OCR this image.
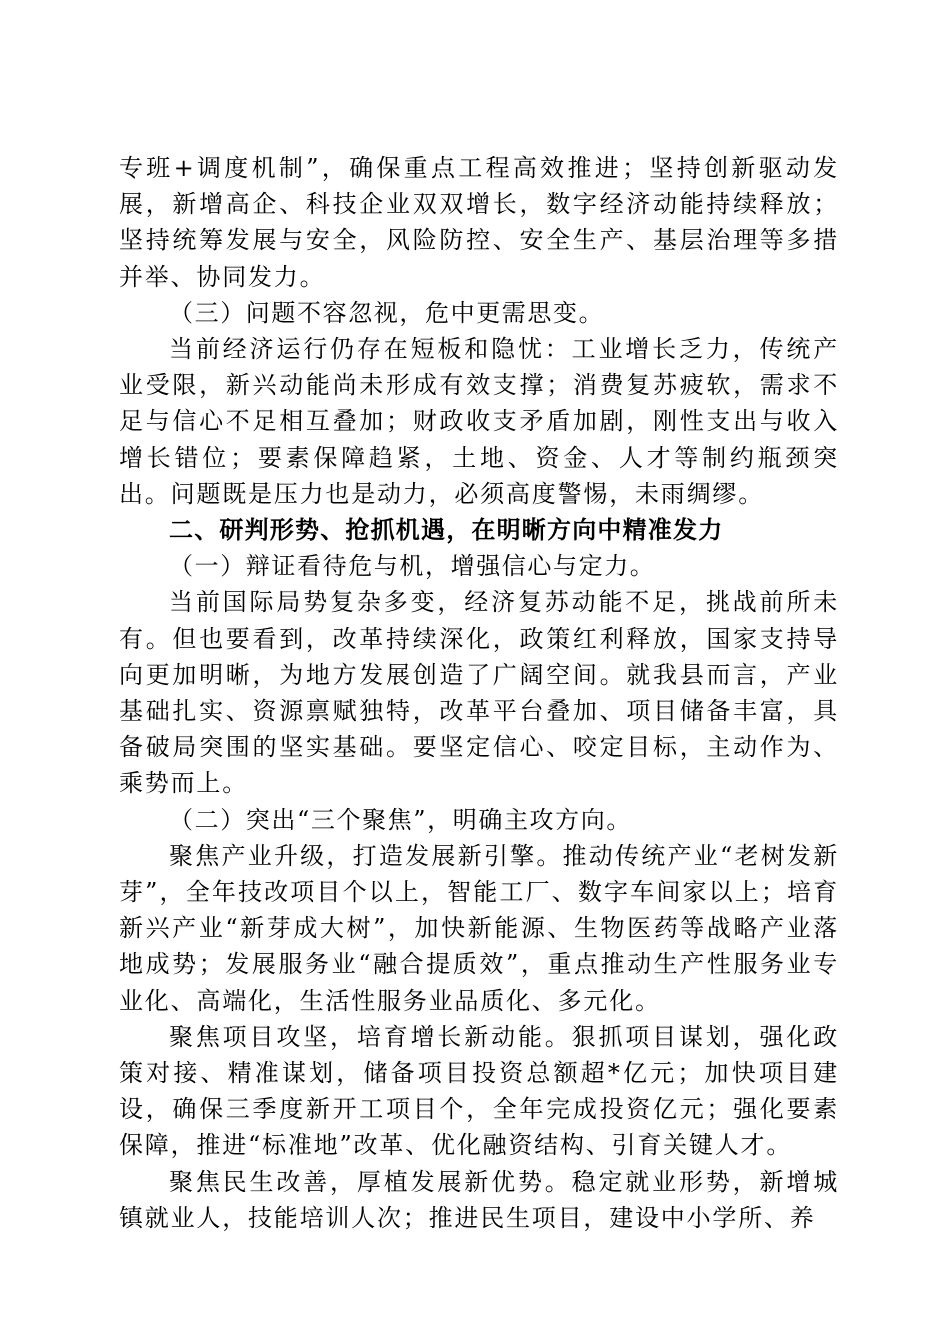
专班+调度机制”，确保重点工程高效推进；坚持创新驱动发展，新增高企、科技企业双双增长，数字经济动能持续释放；坚持统筹发展与安全，风险防控、安全生产、基层治理等多措并举、协同发力。

（三）问题不容忽视，危中更需思变。

当前经济运行仍存在短板和隐忧：工业增长乏力，传统产业受限，新兴动能尚未形成有效支撑；消费复苏疲软，需求不足与信心不足相互叠加；财政收支矛盾加剧，刚性支出与收入增长错位；要素保障趋紧，土地、资金、人才等制约瓶颈突出。问题既是压力也是动力，必须高度警惕，未雨绸缪。

二、研判形势、抢抓机遇，在明晰方向中精准发力

（一）辩证看待危与机，增强信心与定力。

当前国际局势复杂多变，经济复苏动能不足，挑战前所未有。但也要看到，改革持续深化，政策红利释放，国家支持导向更加明晰，为地方发展创造了广阔空间。就我县而言，产业基础扎实、资源禀赋独特，改革平台叠加、项目储备丰富，具备破局突围的坚实基础。要坚定信心、咬定目标，主动作为、乘势而上。

（二）突出“三个聚焦”，明确主攻方向。

聚焦产业升级，打造发展新引擎。推动传统产业“老树发新芽”，全年技改项目个以上，智能工厂、数字车间家以上；培育新兴产业“新芽成大树”，加快新能源、生物医药等战略产业落地成势；发展服务业“融合提质效”，重点推动生产性服务业专业化、高端化，生活性服务业品质化、多元化。

聚焦项目攻坚，培育增长新动能。狠抓项目谋划，强化政策对接、精准谋划，储备项目投资总额超*亿元；加快项目建设，确保三季度新开工项目个，全年完成投资亿元；强化要素保障，推进“标准地”改革、优化融资结构、引育关键人才。

聚焦民生改善，厚植发展新优势。稳定就业形势，新增城镇就业人，技能培训人次；推进民生项目，建设中小学所、养
